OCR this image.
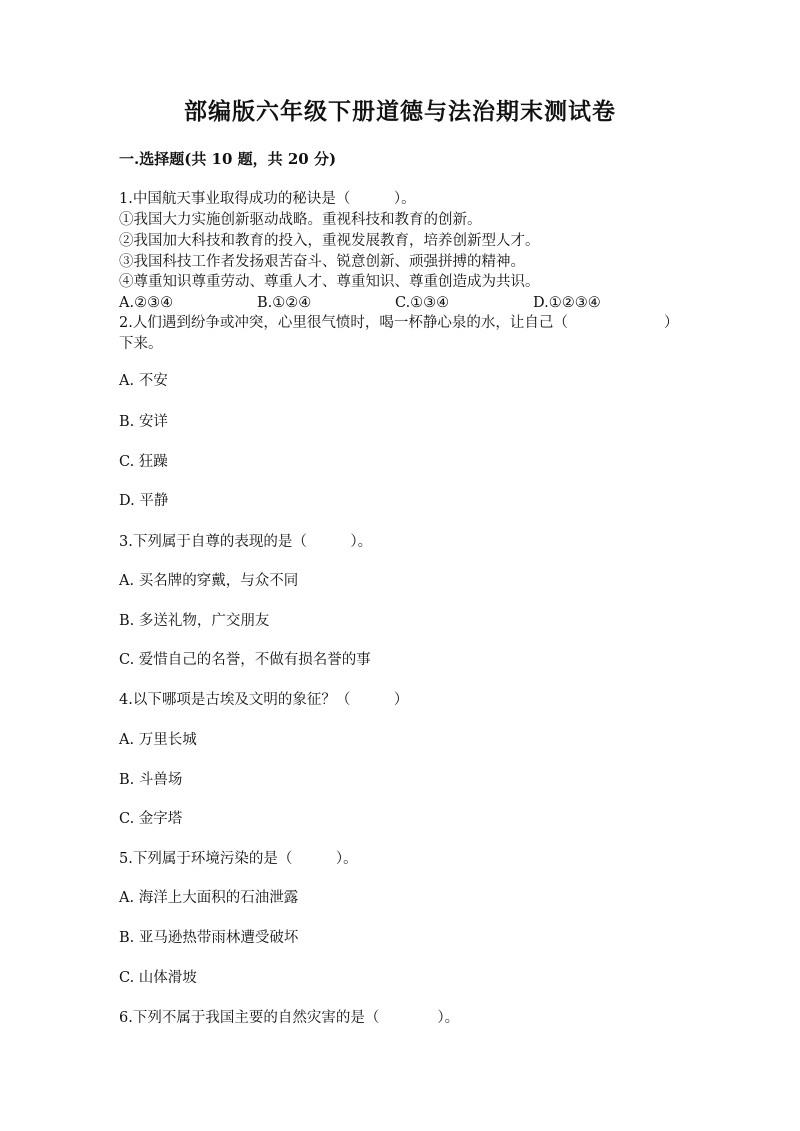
部编版六年级下册道德与法治期末测试卷
一.选择题(共 10 题，共 20 分)
1.中国航天事业取得成功的秘诀是（　　　）。
①我国大力实施创新驱动战略。重视科技和教育的创新。
②我国加大科技和教育的投入，重视发展教育，培养创新型人才。
③我国科技工作者发扬艰苦奋斗、锐意创新、顽强拼搏的精神。
④尊重知识尊重劳动、尊重人才、尊重知识、尊重创造成为共识。
A.②③④	B.①②④	C.①③④	D.①②③④
2.人们遇到纷争或冲突，心里很气愤时，喝一杯静心泉的水，让自己（	）
下来。
A. 不安
B. 安详
C. 狂躁
D. 平静
3.下列属于自尊的表现的是（　　　）。
A. 买名牌的穿戴，与众不同
B. 多送礼物，广交朋友
C. 爱惜自己的名誉，不做有损名誉的事
4.以下哪项是古埃及文明的象征？（　　　）
A. 万里长城
B. 斗兽场
C. 金字塔
5.下列属于环境污染的是（　　　）。
A. 海洋上大面积的石油泄露
B. 亚马逊热带雨林遭受破坏
C. 山体滑坡
6.下列不属于我国主要的自然灾害的是（　　　　）。
